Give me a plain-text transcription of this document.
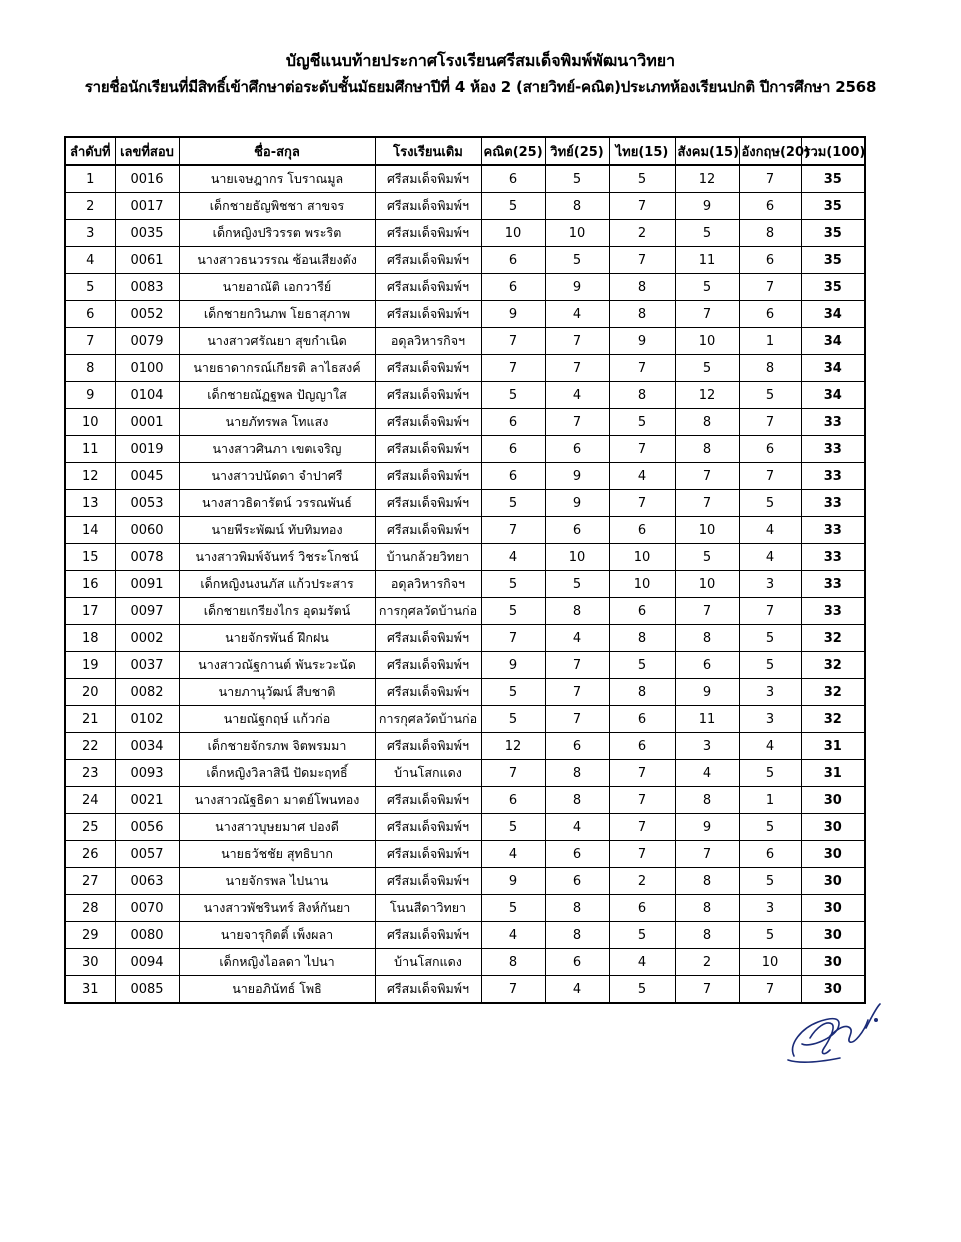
บัญชีแนบท้ายประกาศโรงเรียนศรีสมเด็จพิมพ์พัฒนาวิทยา
รายชื่อนักเรียนที่มีสิทธิ์เข้าศึกษาต่อระดับชั้นมัธยมศึกษาปีที่ 4 ห้อง 2 (สายวิทย์-คณิต)ประเภทห้องเรียนปกติ ปีการศึกษา 2568
ลำดับที่	เลขที่สอบ	ชื่อ-สกุล	โรงเรียนเดิม	คณิต(25)	วิทย์(25)	ไทย(15)	สังคม(15)	อังกฤษ(20)	รวม(100)
1	0016	นายเจษฎากร โบราณมูล	ศรีสมเด็จพิมพ์ฯ	6	5	5	12	7	35
2	0017	เด็กชายธัญพิชชา สาขจร	ศรีสมเด็จพิมพ์ฯ	5	8	7	9	6	35
3	0035	เด็กหญิงปริวรรต พระริต	ศรีสมเด็จพิมพ์ฯ	10	10	2	5	8	35
4	0061	นางสาวธนวรรณ ซ้อนเสียงดัง	ศรีสมเด็จพิมพ์ฯ	6	5	7	11	6	35
5	0083	นายอาณัติ เอกวารีย์	ศรีสมเด็จพิมพ์ฯ	6	9	8	5	7	35
6	0052	เด็กชายกวินภพ โยธาสุภาพ	ศรีสมเด็จพิมพ์ฯ	9	4	8	7	6	34
7	0079	นางสาวศรัณยา สุขกำเนิด	อดุลวิหารกิจฯ	7	7	9	10	1	34
8	0100	นายธาดากรณ์เกียรติ ลาไธสงค์	ศรีสมเด็จพิมพ์ฯ	7	7	7	5	8	34
9	0104	เด็กชายณัฏฐพล ปัญญาใส	ศรีสมเด็จพิมพ์ฯ	5	4	8	12	5	34
10	0001	นายภัทรพล โทแสง	ศรีสมเด็จพิมพ์ฯ	6	7	5	8	7	33
11	0019	นางสาวศินภา เขตเจริญ	ศรีสมเด็จพิมพ์ฯ	6	6	7	8	6	33
12	0045	นางสาวปนัดดา จำปาศรี	ศรีสมเด็จพิมพ์ฯ	6	9	4	7	7	33
13	0053	นางสาวธิดารัตน์ วรรณพันธ์	ศรีสมเด็จพิมพ์ฯ	5	9	7	7	5	33
14	0060	นายพีระพัฒน์ ทับทิมทอง	ศรีสมเด็จพิมพ์ฯ	7	6	6	10	4	33
15	0078	นางสาวพิมพ์จันทร์ วิชระโกชน์	บ้านกล้วยวิทยา	4	10	10	5	4	33
16	0091	เด็กหญิงนงนภัส แก้วประสาร	อดุลวิหารกิจฯ	5	5	10	10	3	33
17	0097	เด็กชายเกรียงไกร อุดมรัตน์	การกุศลวัดบ้านก่อ	5	8	6	7	7	33
18	0002	นายจักรพันธ์ ฝึกฝน	ศรีสมเด็จพิมพ์ฯ	7	4	8	8	5	32
19	0037	นางสาวณัฐกานต์ พันระวะนัด	ศรีสมเด็จพิมพ์ฯ	9	7	5	6	5	32
20	0082	นายภานุวัฒน์ สืบชาติ	ศรีสมเด็จพิมพ์ฯ	5	7	8	9	3	32
21	0102	นายณัฐกฤษ์ แก้วก่อ	การกุศลวัดบ้านก่อ	5	7	6	11	3	32
22	0034	เด็กชายจักรภพ จิตพรมมา	ศรีสมเด็จพิมพ์ฯ	12	6	6	3	4	31
23	0093	เด็กหญิงวิลาสินี ปัดมะฤทธิ์	บ้านโสกแดง	7	8	7	4	5	31
24	0021	นางสาวณัฐธิดา มาตย์โพนทอง	ศรีสมเด็จพิมพ์ฯ	6	8	7	8	1	30
25	0056	นางสาวบุษยมาศ ปองดี	ศรีสมเด็จพิมพ์ฯ	5	4	7	9	5	30
26	0057	นายธวัชชัย สุทธิบาก	ศรีสมเด็จพิมพ์ฯ	4	6	7	7	6	30
27	0063	นายจักรพล ไปนาน	ศรีสมเด็จพิมพ์ฯ	9	6	2	8	5	30
28	0070	นางสาวพัชรินทร์ สิงห์กันยา	โนนสีดาวิทยา	5	8	6	8	3	30
29	0080	นายจารุกิตติ์ เพ็งผลา	ศรีสมเด็จพิมพ์ฯ	4	8	5	8	5	30
30	0094	เด็กหญิงไอลดา ไปนา	บ้านโสกแดง	8	6	4	2	10	30
31	0085	นายอภินัทธ์ โพธิ	ศรีสมเด็จพิมพ์ฯ	7	4	5	7	7	30
